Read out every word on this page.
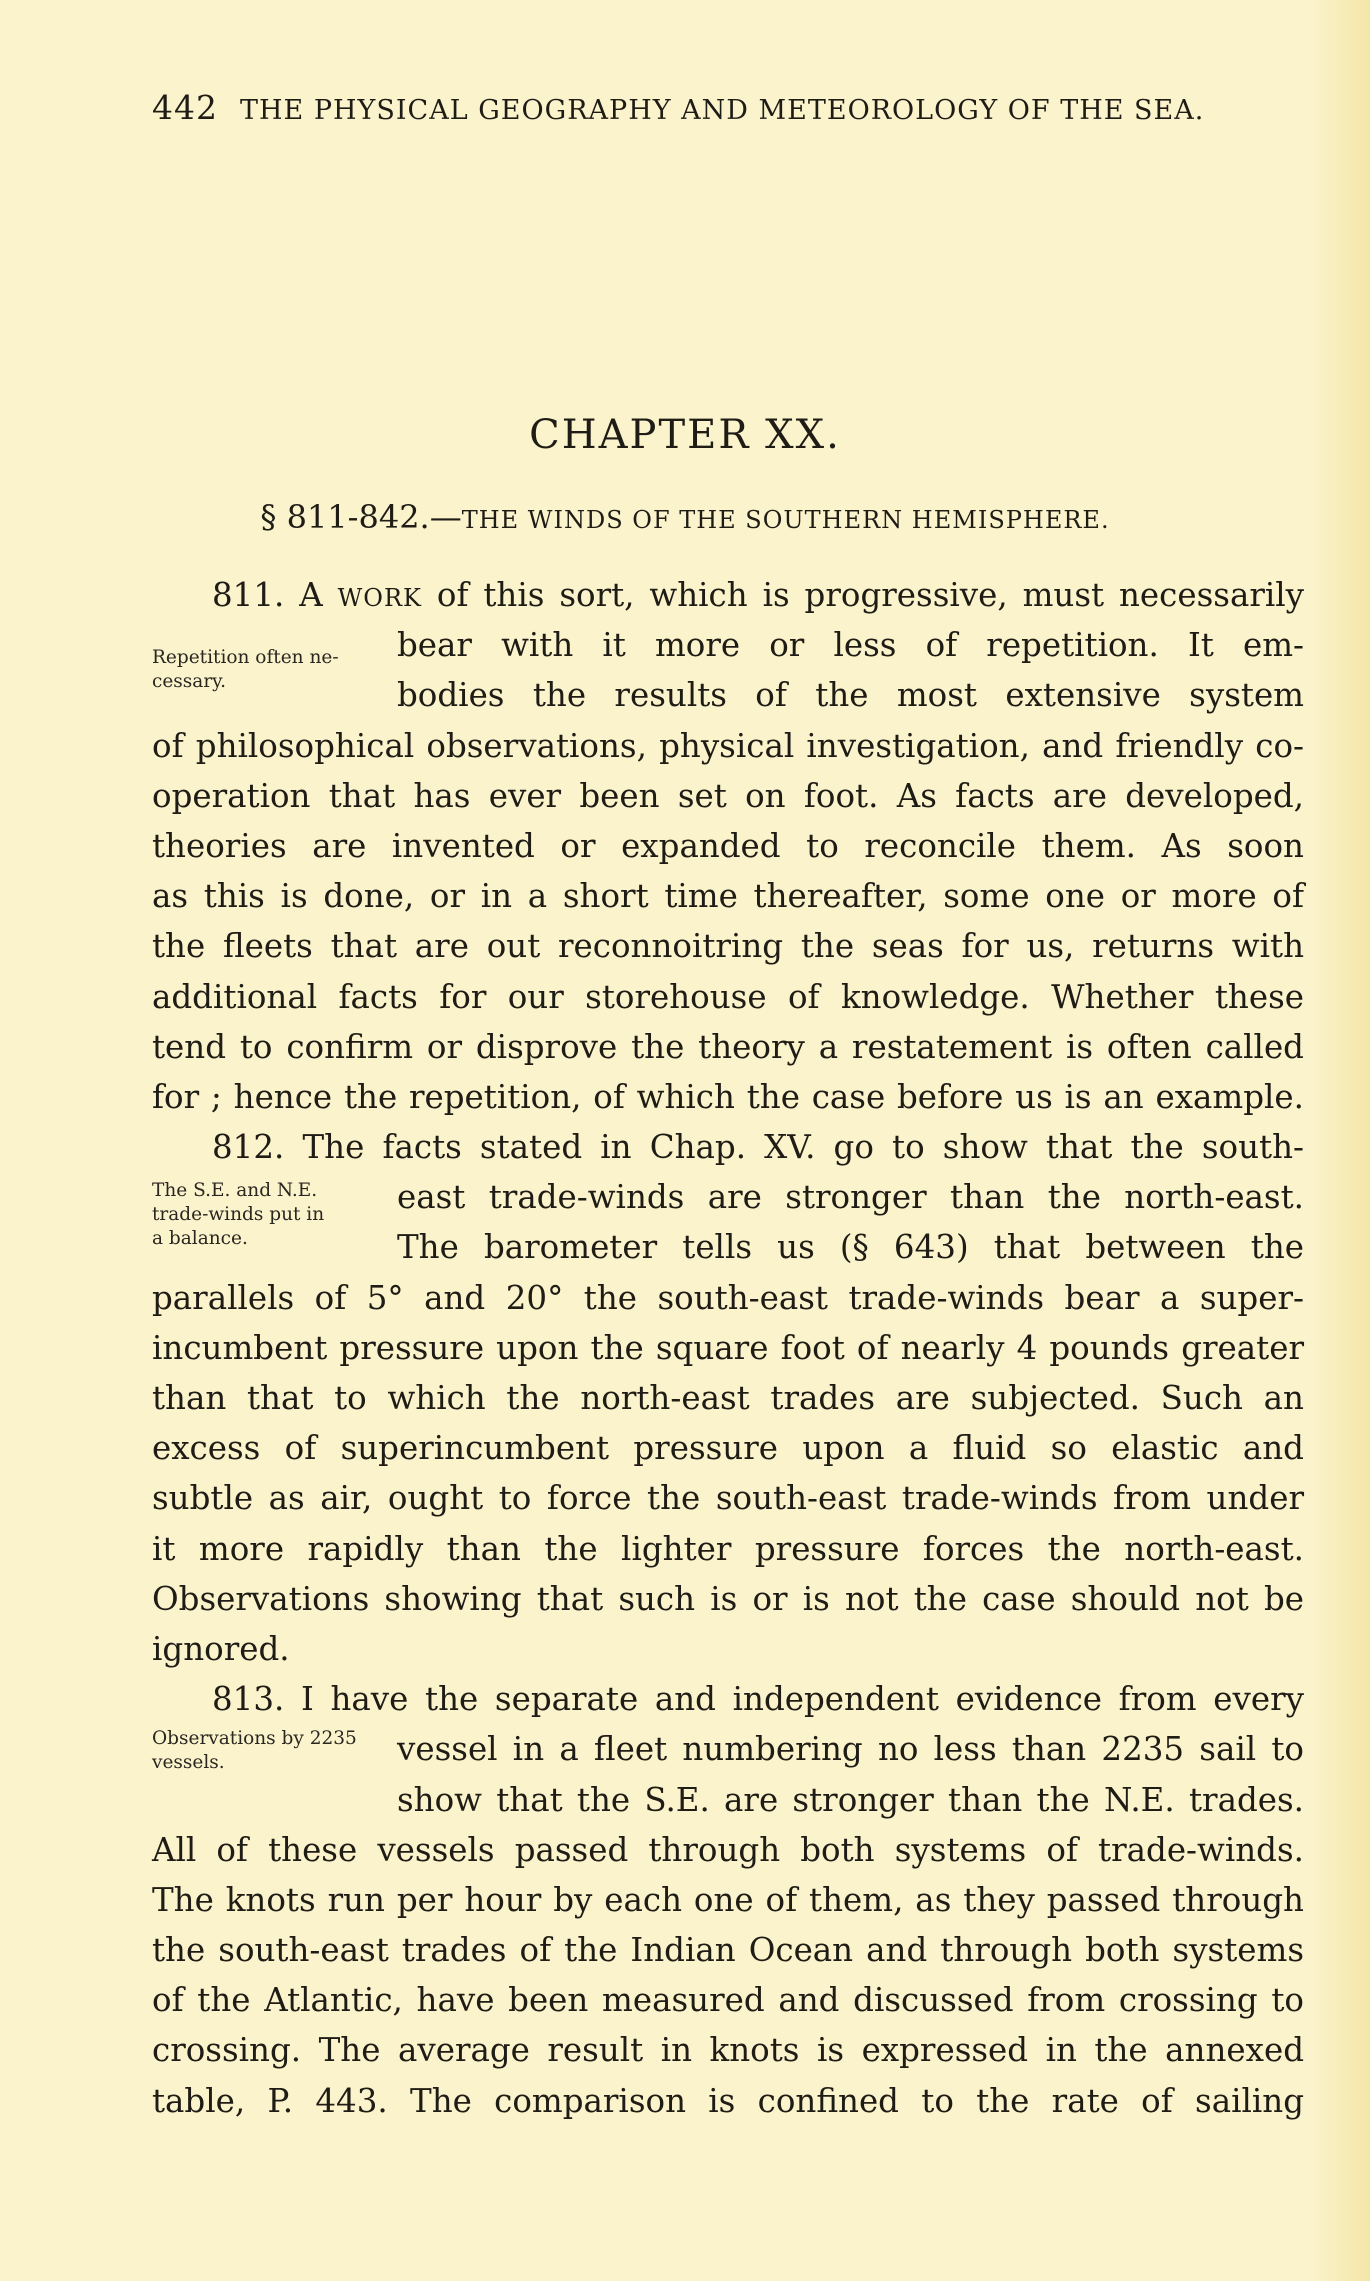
442 THE PHYSICAL GEOGRAPHY AND METEOROLOGY OF THE SEA.
CHAPTER XX.
§ 811-842.—THE WINDS OF THE SOUTHERN HEMISPHERE.
Repetition often ne-
cessary.
The S.E. and N.E.
trade-winds put in
a balance.
Observations by 2235
vessels.
811. A WORK of this sort, which is progressive, must necessarily
bear with it more or less of repetition. It em-
bodies the results of the most extensive system
of philosophical observations, physical investigation, and friendly co-
operation that has ever been set on foot. As facts are developed,
theories are invented or expanded to reconcile them. As soon
as this is done, or in a short time thereafter, some one or more of
the fleets that are out reconnoitring the seas for us, returns with
additional facts for our storehouse of knowledge. Whether these
tend to confirm or disprove the theory a restatement is often called
for ; hence the repetition, of which the case before us is an example.
812. The facts stated in Chap. XV. go to show that the south-
east trade-winds are stronger than the north-east.
The barometer tells us (§ 643) that between the
parallels of 5° and 20° the south-east trade-winds bear a super-
incumbent pressure upon the square foot of nearly 4 pounds greater
than that to which the north-east trades are subjected. Such an
excess of superincumbent pressure upon a fluid so elastic and
subtle as air, ought to force the south-east trade-winds from under
it more rapidly than the lighter pressure forces the north-east.
Observations showing that such is or is not the case should not be
ignored.
813. I have the separate and independent evidence from every
vessel in a fleet numbering no less than 2235 sail to
show that the S.E. are stronger than the N.E. trades.
All of these vessels passed through both systems of trade-winds.
The knots run per hour by each one of them, as they passed through
the south-east trades of the Indian Ocean and through both systems
of the Atlantic, have been measured and discussed from crossing to
crossing. The average result in knots is expressed in the annexed
table, P. 443. The comparison is confined to the rate of sailing
